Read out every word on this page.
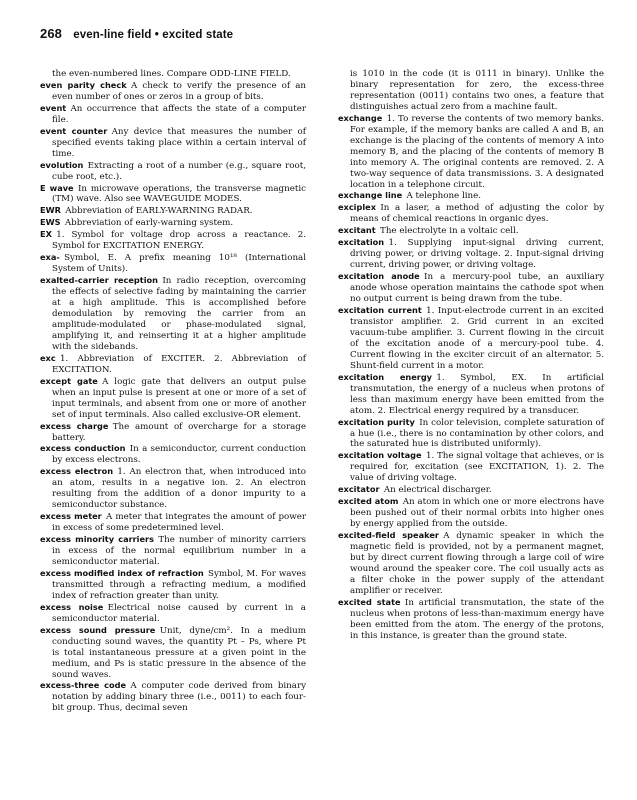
268 even-line field • excited state

the even-numbered lines. Compare ODD-LINE FIELD.

even parity check  A check to verify the presence of an even number of ones or zeros in a group of bits.

event  An occurrence that affects the state of a computer file.

event counter  Any device that measures the number of specified events taking place within a certain interval of time.

evolution  Extracting a root of a number (e.g., square root, cube root, etc.).

E wave  In microwave operations, the transverse magnetic (TM) wave. Also see WAVEGUIDE MODES.

EWR  Abbreviation of EARLY-WARNING RADAR.

EWS  Abbreviation of early-warning system.

EX  1. Symbol for voltage drop across a reactance. 2. Symbol for EXCITATION ENERGY.

exa-  Symbol, E. A prefix meaning 10¹⁸ (International System of Units).

exalted-carrier reception  In radio reception, overcoming the effects of selective fading by maintaining the carrier at a high amplitude. This is accomplished before demodulation by removing the carrier from an amplitude-modulated or phase-modulated signal, amplifying it, and reinserting it at a higher amplitude with the sidebands.

exc  1. Abbreviation of EXCITER. 2. Abbreviation of EXCITATION.

except gate  A logic gate that delivers an output pulse when an input pulse is present at one or more of a set of input terminals, and absent from one or more of another set of input terminals. Also called exclusive-OR element.

excess charge  The amount of overcharge for a storage battery.

excess conduction  In a semiconductor, current conduction by excess electrons.

excess electron  1. An electron that, when introduced into an atom, results in a negative ion. 2. An electron resulting from the addition of a donor impurity to a semiconductor substance.

excess meter  A meter that integrates the amount of power in excess of some predetermined level.

excess minority carriers  The number of minority carriers in excess of the normal equilibrium number in a semiconductor material.

excess modified index of refraction  Symbol, M. For waves transmitted through a refracting medium, a modified index of refraction greater than unity.

excess noise  Electrical noise caused by current in a semiconductor material.

excess sound pressure  Unit, dyne/cm². In a medium conducting sound waves, the quantity Pt – Ps, where Pt is total instantaneous pressure at a given point in the medium, and Ps is static pressure in the absence of the sound waves.

excess-three code  A computer code derived from binary notation by adding binary three (i.e., 0011) to each four-bit group. Thus, decimal seven

is 1010 in the code (it is 0111 in binary). Unlike the binary representation for zero, the excess-three representation (0011) contains two ones, a feature that distinguishes actual zero from a machine fault.

exchange  1. To reverse the contents of two memory banks. For example, if the memory banks are called A and B, an exchange is the placing of the contents of memory A into memory B, and the placing of the contents of memory B into memory A. The original contents are removed. 2. A two-way sequence of data transmissions. 3. A designated location in a telephone circuit.

exchange line  A telephone line.

exciplex  In a laser, a method of adjusting the color by means of chemical reactions in organic dyes.

excitant  The electrolyte in a voltaic cell.

excitation  1. Supplying input-signal driving current, driving power, or driving voltage. 2. Input-signal driving current, driving power, or driving voltage.

excitation anode  In a mercury-pool tube, an auxiliary anode whose operation maintains the cathode spot when no output current is being drawn from the tube.

excitation current  1. Input-electrode current in an excited transistor amplifier. 2. Grid current in an excited vacuum-tube amplifier. 3. Current flowing in the circuit of the excitation anode of a mercury-pool tube. 4. Current flowing in the exciter circuit of an alternator. 5. Shunt-field current in a motor.

excitation energy  1. Symbol, EX. In artificial transmutation, the energy of a nucleus when protons of less than maximum energy have been emitted from the atom. 2. Electrical energy required by a transducer.

excitation purity  In color television, complete saturation of a hue (i.e., there is no contamination by other colors, and the saturated hue is distributed uniformly).

excitation voltage  1. The signal voltage that achieves, or is required for, excitation (see EXCITATION, 1). 2. The value of driving voltage.

excitator  An electrical discharger.

excited atom  An atom in which one or more electrons have been pushed out of their normal orbits into higher ones by energy applied from the outside.

excited-field speaker  A dynamic speaker in which the magnetic field is provided, not by a permanent magnet, but by direct current flowing through a large coil of wire wound around the speaker core. The coil usually acts as a filter choke in the power supply of the attendant amplifier or receiver.

excited state  In artificial transmutation, the state of the nucleus when protons of less-than-maximum energy have been emitted from the atom. The energy of the protons, in this instance, is greater than the ground state.
